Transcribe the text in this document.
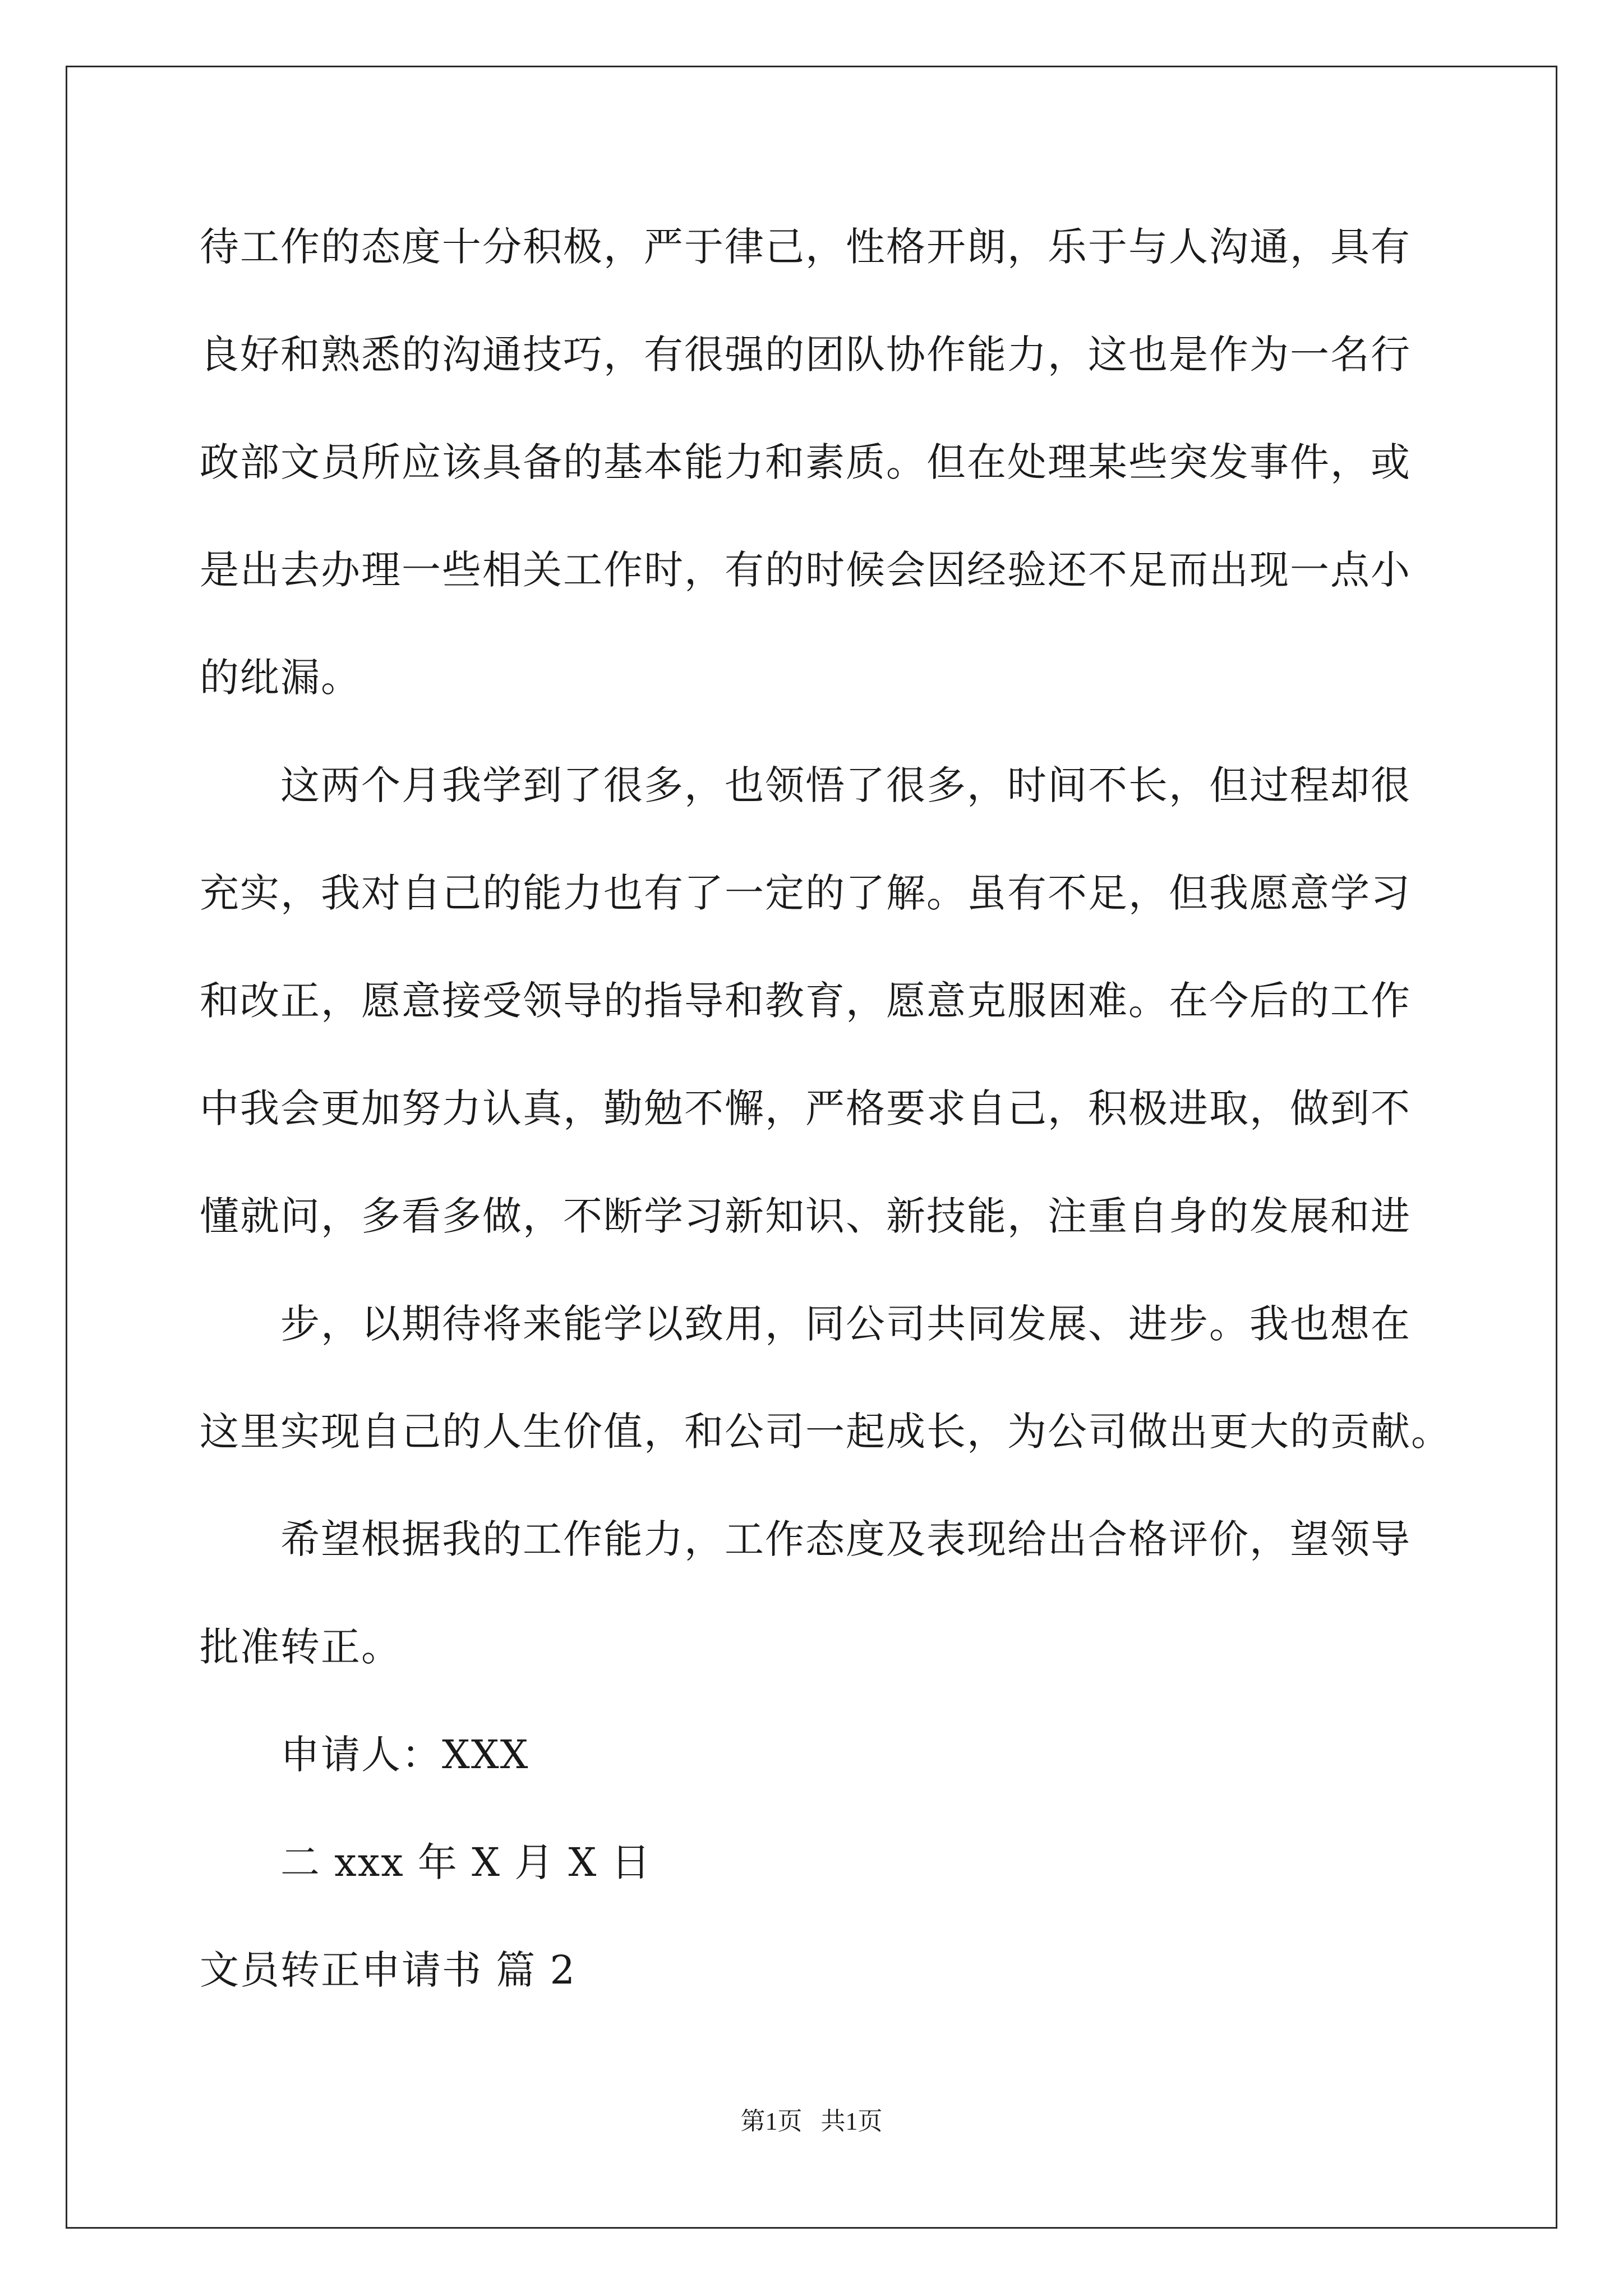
待工作的态度十分积极，严于律己，性格开朗，乐于与人沟通，具有
良好和熟悉的沟通技巧，有很强的团队协作能力，这也是作为一名行
政部文员所应该具备的基本能力和素质。但在处理某些突发事件，或
是出去办理一些相关工作时，有的时候会因经验还不足而出现一点小
的纰漏。
这两个月我学到了很多，也领悟了很多，时间不长，但过程却很
充实，我对自己的能力也有了一定的了解。虽有不足，但我愿意学习
和改正，愿意接受领导的指导和教育，愿意克服困难。在今后的工作
中我会更加努力认真，勤勉不懈，严格要求自己，积极进取，做到不
懂就问，多看多做，不断学习新知识、新技能，注重自身的发展和进
步，以期待将来能学以致用，同公司共同发展、进步。我也想在
这里实现自己的人生价值，和公司一起成长，为公司做出更大的贡献。
希望根据我的工作能力，工作态度及表现给出合格评价，望领导
批准转正。
申请人：XXX
二 xxx 年 X 月 X 日
文员转正申请书 篇 2
第1页   共1页
